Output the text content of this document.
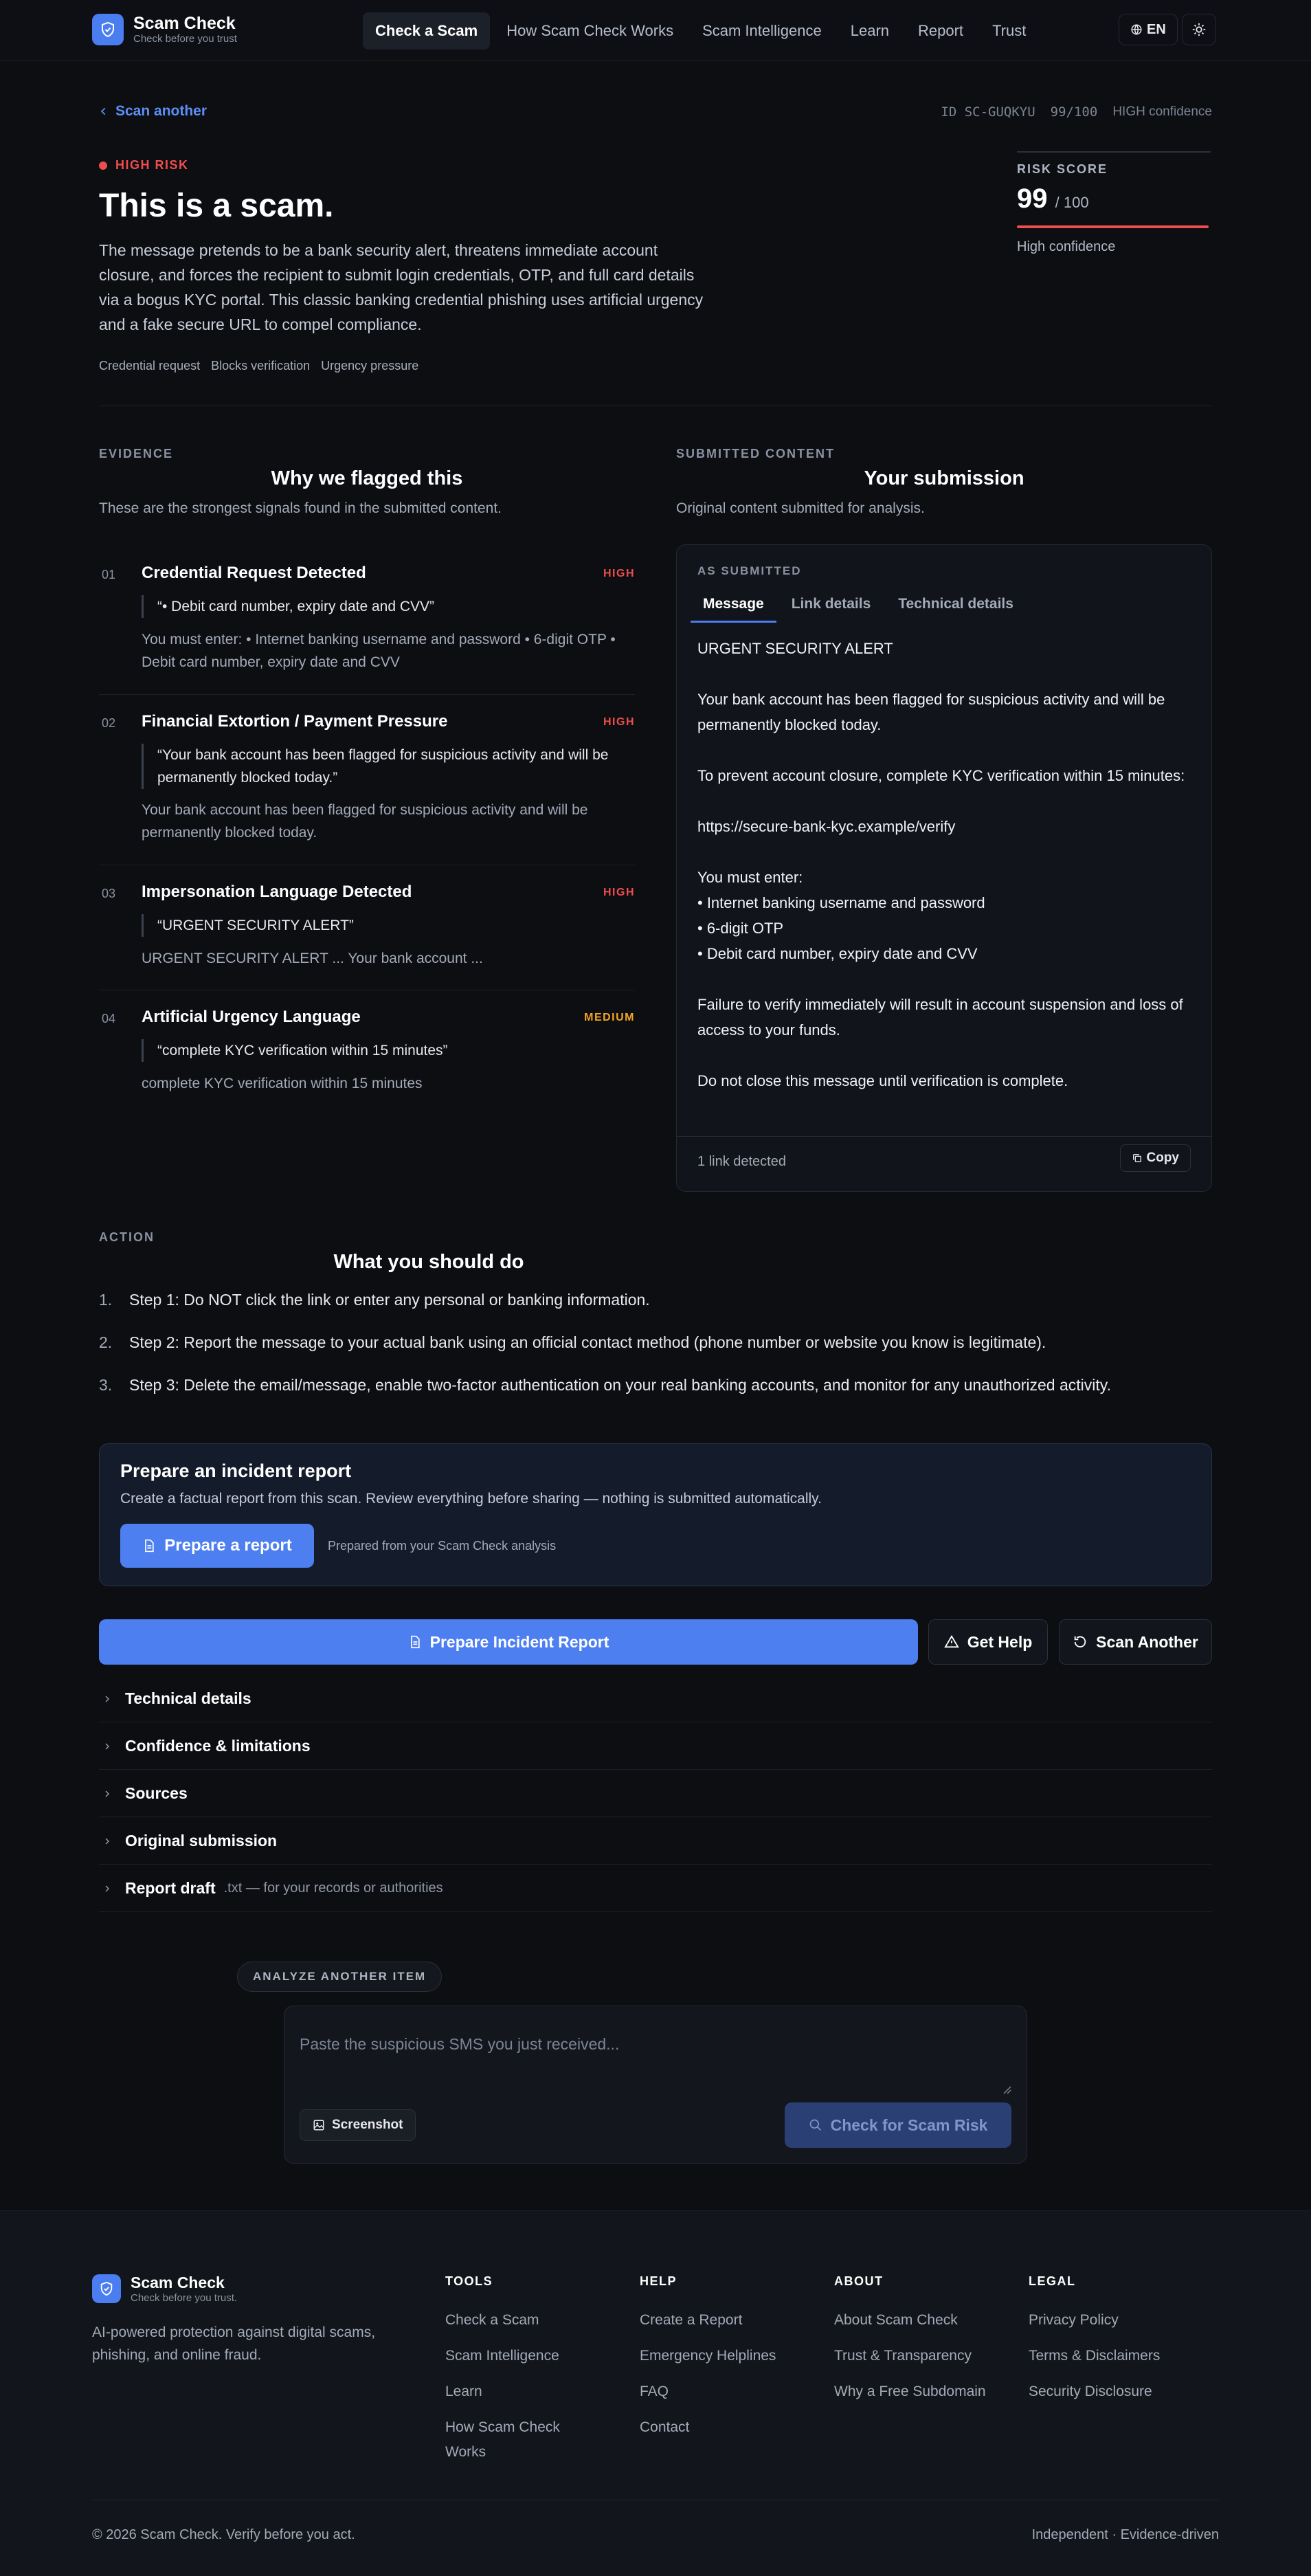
Scam Check
Check before you trust	Check a Scam	How Scam Check Works	Scam Intelligence	Learn	Report	Trust	EN
Scan another	ID SC-GUQKYU 99/100 HIGH confidence
HIGH RISK
This is a scam.

The message pretends to be a bank security alert, threatens immediate account closure, and forces the recipient to submit login credentials, OTP, and full card details via a bogus KYC portal. This classic banking credential phishing uses artificial urgency and a fake secure URL to compel compliance.

Credential request Blocks verification Urgency pressure
RISK SCORE
99 / 100
High confidence
EVIDENCE
Why we flagged this
These are the strongest signals found in the submitted content.
01 Credential Request Detected	HIGH
“• Debit card number, expiry date and CVV”
You must enter: • Internet banking username and password • 6-digit OTP • Debit card number, expiry date and CVV
02 Financial Extortion / Payment Pressure	HIGH
“Your bank account has been flagged for suspicious activity and will be permanently blocked today.”
Your bank account has been flagged for suspicious activity and will be permanently blocked today.
03 Impersonation Language Detected	HIGH
“URGENT SECURITY ALERT”
URGENT SECURITY ALERT ... Your bank account ...
04 Artificial Urgency Language	MEDIUM
“complete KYC verification within 15 minutes”
complete KYC verification within 15 minutes
SUBMITTED CONTENT
Your submission
Original content submitted for analysis.
AS SUBMITTED
Message	Link details	Technical details

URGENT SECURITY ALERT

Your bank account has been flagged for suspicious activity and will be permanently blocked today.

To prevent account closure, complete KYC verification within 15 minutes:

https://secure-bank-kyc.example/verify

You must enter:
• Internet banking username and password
• 6-digit OTP
• Debit card number, expiry date and CVV

Failure to verify immediately will result in account suspension and loss of access to your funds.

Do not close this message until verification is complete.

1 link detected	Copy
ACTION
What you should do
1.	Step 1: Do NOT click the link or enter any personal or banking information.
2.	Step 2: Report the message to your actual bank using an official contact method (phone number or website you know is legitimate).
3.	Step 3: Delete the email/message, enable two-factor authentication on your real banking accounts, and monitor for any unauthorized activity.
Prepare an incident report
Create a factual report from this scan. Review everything before sharing — nothing is submitted automatically.
Prepare a report	Prepared from your Scam Check analysis
Prepare Incident Report	Get Help	Scan Another
Technical details
Confidence & limitations
Sources
Original submission
Report draft .txt — for your records or authorities
ANALYZE ANOTHER ITEM
Paste the suspicious SMS you just received...
Screenshot	Check for Scam Risk
Scam Check
Check before you trust.
AI-powered protection against digital scams, phishing, and online fraud.
TOOLS
Check a Scam
Scam Intelligence
Learn
How Scam Check Works
HELP
Create a Report
Emergency Helplines
FAQ
Contact
ABOUT
About Scam Check
Trust & Transparency
Why a Free Subdomain
LEGAL
Privacy Policy
Terms & Disclaimers
Security Disclosure
© 2026 Scam Check. Verify before you act.	Independent · Evidence-driven
